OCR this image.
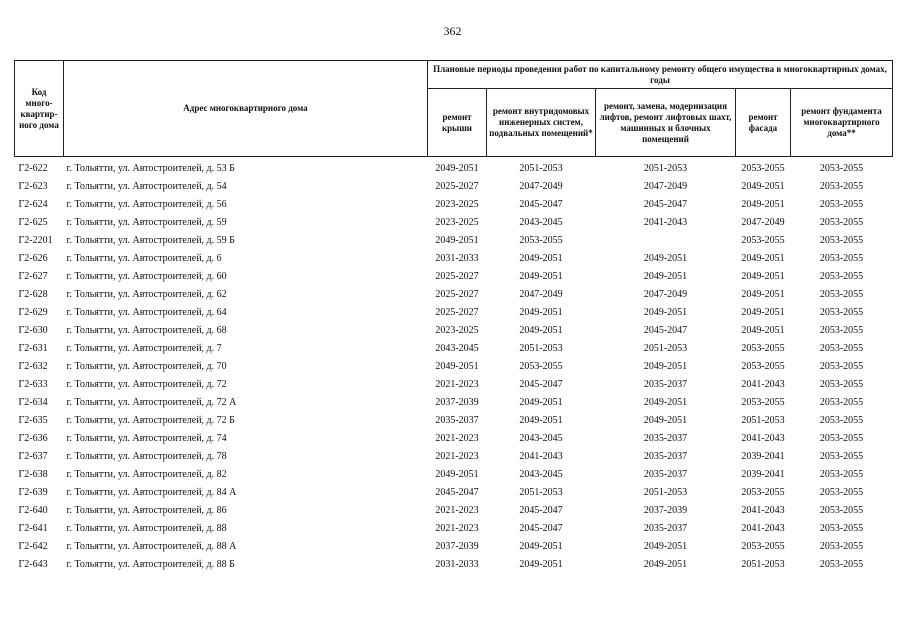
362
Код много-квартир-ного дома	Адрес многоквартирного дома	Плановые периоды проведения работ по капитальному ремонту общего имущества в многоквартирных домах, годы				
		ремонт крыши	ремонт внутридомовых инженерных систем, подвальных помещений*	ремонт, замена, модернизация лифтов, ремонт лифтовых шахт, машинных и блочных помещений	ремонт фасада	ремонт фундамента многоквартирного дома**

Г2-622	г. Тольятти, ул. Автостроителей, д. 53 Б	2049-2051	2051-2053	2051-2053	2053-2055	2053-2055
Г2-623	г. Тольятти, ул. Автостроителей, д. 54	2025-2027	2047-2049	2047-2049	2049-2051	2053-2055
Г2-624	г. Тольятти, ул. Автостроителей, д. 56	2023-2025	2045-2047	2045-2047	2049-2051	2053-2055
Г2-625	г. Тольятти, ул. Автостроителей, д. 59	2023-2025	2043-2045	2041-2043	2047-2049	2053-2055
Г2-2201	г. Тольятти, ул. Автостроителей, д. 59 Б	2049-2051	2053-2055		2053-2055	2053-2055
Г2-626	г. Тольятти, ул. Автостроителей, д. 6	2031-2033	2049-2051	2049-2051	2049-2051	2053-2055
Г2-627	г. Тольятти, ул. Автостроителей, д. 60	2025-2027	2049-2051	2049-2051	2049-2051	2053-2055
Г2-628	г. Тольятти, ул. Автостроителей, д. 62	2025-2027	2047-2049	2047-2049	2049-2051	2053-2055
Г2-629	г. Тольятти, ул. Автостроителей, д. 64	2025-2027	2049-2051	2049-2051	2049-2051	2053-2055
Г2-630	г. Тольятти, ул. Автостроителей, д. 68	2023-2025	2049-2051	2045-2047	2049-2051	2053-2055
Г2-631	г. Тольятти, ул. Автостроителей, д. 7	2043-2045	2051-2053	2051-2053	2053-2055	2053-2055
Г2-632	г. Тольятти, ул. Автостроителей, д. 70	2049-2051	2053-2055	2049-2051	2053-2055	2053-2055
Г2-633	г. Тольятти, ул. Автостроителей, д. 72	2021-2023	2045-2047	2035-2037	2041-2043	2053-2055
Г2-634	г. Тольятти, ул. Автостроителей, д. 72 А	2037-2039	2049-2051	2049-2051	2053-2055	2053-2055
Г2-635	г. Тольятти, ул. Автостроителей, д. 72 Б	2035-2037	2049-2051	2049-2051	2051-2053	2053-2055
Г2-636	г. Тольятти, ул. Автостроителей, д. 74	2021-2023	2043-2045	2035-2037	2041-2043	2053-2055
Г2-637	г. Тольятти, ул. Автостроителей, д. 78	2021-2023	2041-2043	2035-2037	2039-2041	2053-2055
Г2-638	г. Тольятти, ул. Автостроителей, д. 82	2049-2051	2043-2045	2035-2037	2039-2041	2053-2055
Г2-639	г. Тольятти, ул. Автостроителей, д. 84 А	2045-2047	2051-2053	2051-2053	2053-2055	2053-2055
Г2-640	г. Тольятти, ул. Автостроителей, д. 86	2021-2023	2045-2047	2037-2039	2041-2043	2053-2055
Г2-641	г. Тольятти, ул. Автостроителей, д. 88	2021-2023	2045-2047	2035-2037	2041-2043	2053-2055
Г2-642	г. Тольятти, ул. Автостроителей, д. 88 А	2037-2039	2049-2051	2049-2051	2053-2055	2053-2055
Г2-643	г. Тольятти, ул. Автостроителей, д. 88 Б	2031-2033	2049-2051	2049-2051	2051-2053	2053-2055
